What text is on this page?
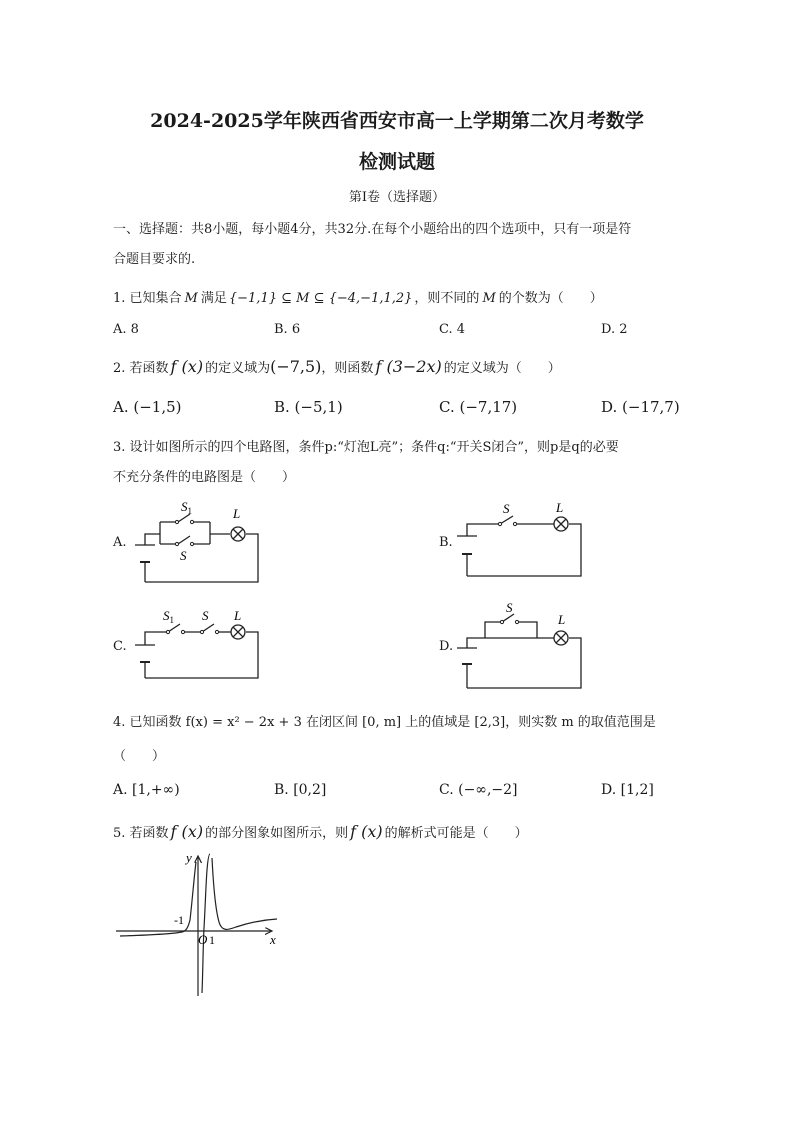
2024-2025学年陕西省西安市高一上学期第二次月考数学
检测试题
第I卷（选择题）
一、选择题：共8小题，每小题4分，共32分.在每个小题给出的四个选项中，只有一项是符
合题目要求的.
1. 已知集合 M 满足 {−1,1} ⊆ M ⊆ {−4,−1,1,2} ，则不同的 M 的个数为（　　）
A. 8	B. 6	C. 4	D. 2
2. 若函数 f (x) 的定义域为(−7,5)，则函数 f (3−2x) 的定义域为（　　）
A. (−1,5)	B. (−5,1)	C. (−7,17)	D. (−17,7)
3. 设计如图所示的四个电路图，条件p:“灯泡L亮”；条件q:“开关S闭合”，则p是q的必要
不充分条件的电路图是（　　）
A.
$S_1$
S
L
B.
S	L
C.
$S_1$ S L
D.
S
L
4. 已知函数 f(x) = x² − 2x + 3 在闭区间 [0, m] 上的值域是 [2,3]，则实数 m 的取值范围是
（　　）
A. [1,+∞)	B. [0,2]	C. (−∞,−2]	D. [1,2]
5. 若函数 f (x) 的部分图象如图所示，则 f (x) 的解析式可能是（　　）
y
x
-1
O 1
